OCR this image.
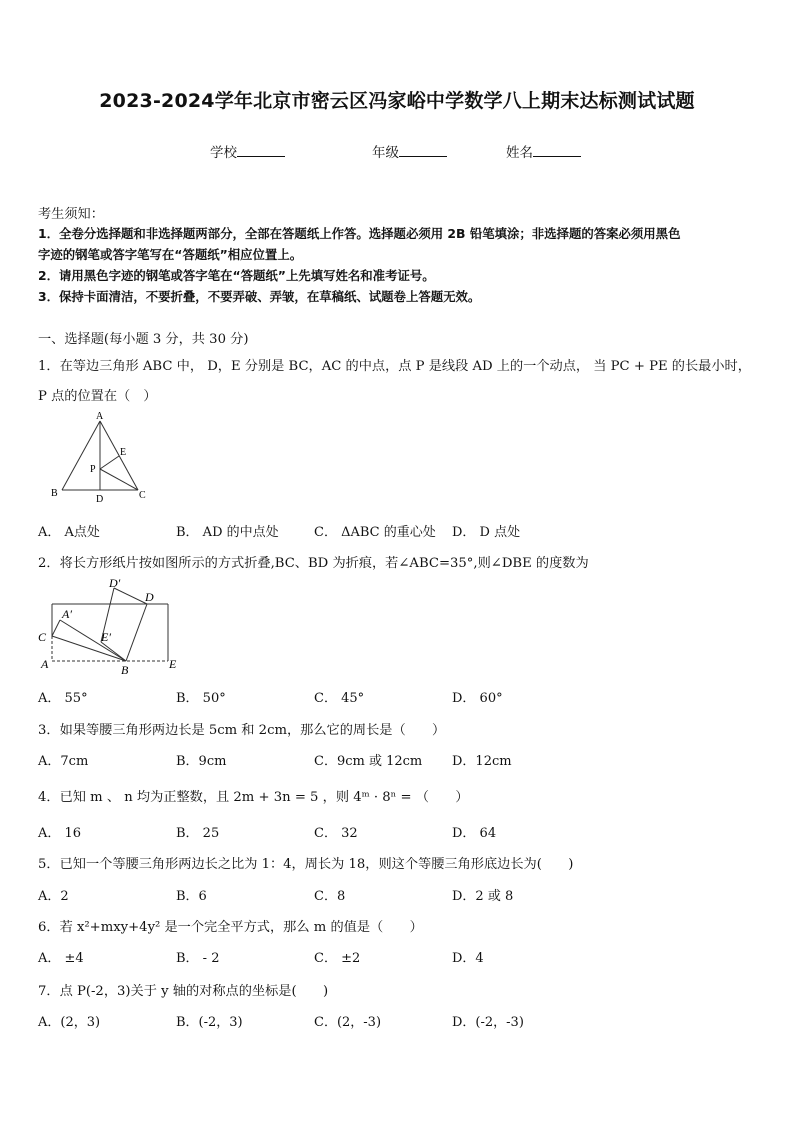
2023-2024学年北京市密云区冯家峪中学数学八上期末达标测试试题
学校	年级	姓名
考生须知：
1．全卷分选择题和非选择题两部分，全部在答题纸上作答。选择题必须用 2B 铅笔填涂；非选择题的答案必须用黑色
字迹的钢笔或答字笔写在“答题纸”相应位置上。
2．请用黑色字迹的钢笔或答字笔在“答题纸”上先填写姓名和准考证号。
3．保持卡面清洁，不要折叠，不要弄破、弄皱，在草稿纸、试题卷上答题无效。
一、选择题(每小题 3 分，共 30 分)
1．在等边三角形 ABC 中， D，E 分别是 BC，AC 的中点，点 P 是线段 AD 上的一个动点， 当 PC + PE 的长最小时，
P 点的位置在（　）
A
B	C
D
E
P
A． A点处	B． AD 的中点处	C． ΔABC 的重心处 D． D 点处
2．将长方形纸片按如图所示的方式折叠,BC、BD 为折痕，若∠ABC=35°,则∠DBE 的度数为
D′
D
A′
C	E′
A	B	E
A． 55°	B． 50°	C． 45°	D． 60°
3．如果等腰三角形两边长是 5cm 和 2cm，那么它的周长是（　　）
A．7cm	B．9cm	C．9cm 或 12cm D．12cm
4．已知 m 、 n 均为正整数，且 2m + 3n = 5 ，则 4ᵐ · 8ⁿ = （　　）
A． 16	B． 25	C． 32	D． 64
5．已知一个等腰三角形两边长之比为 1：4，周长为 18，则这个等腰三角形底边长为(　　)
A．2	B．6	C．8	D．2 或 8
6．若 x²+mxy+4y² 是一个完全平方式，那么 m 的值是（　　）
A． ±4	B． - 2	C． ±2	D．4
7．点 P(-2，3)关于 y 轴的对称点的坐标是(　　)
A．(2，3)	B．(-2，3)	C．(2，-3)	D．(-2，-3)
